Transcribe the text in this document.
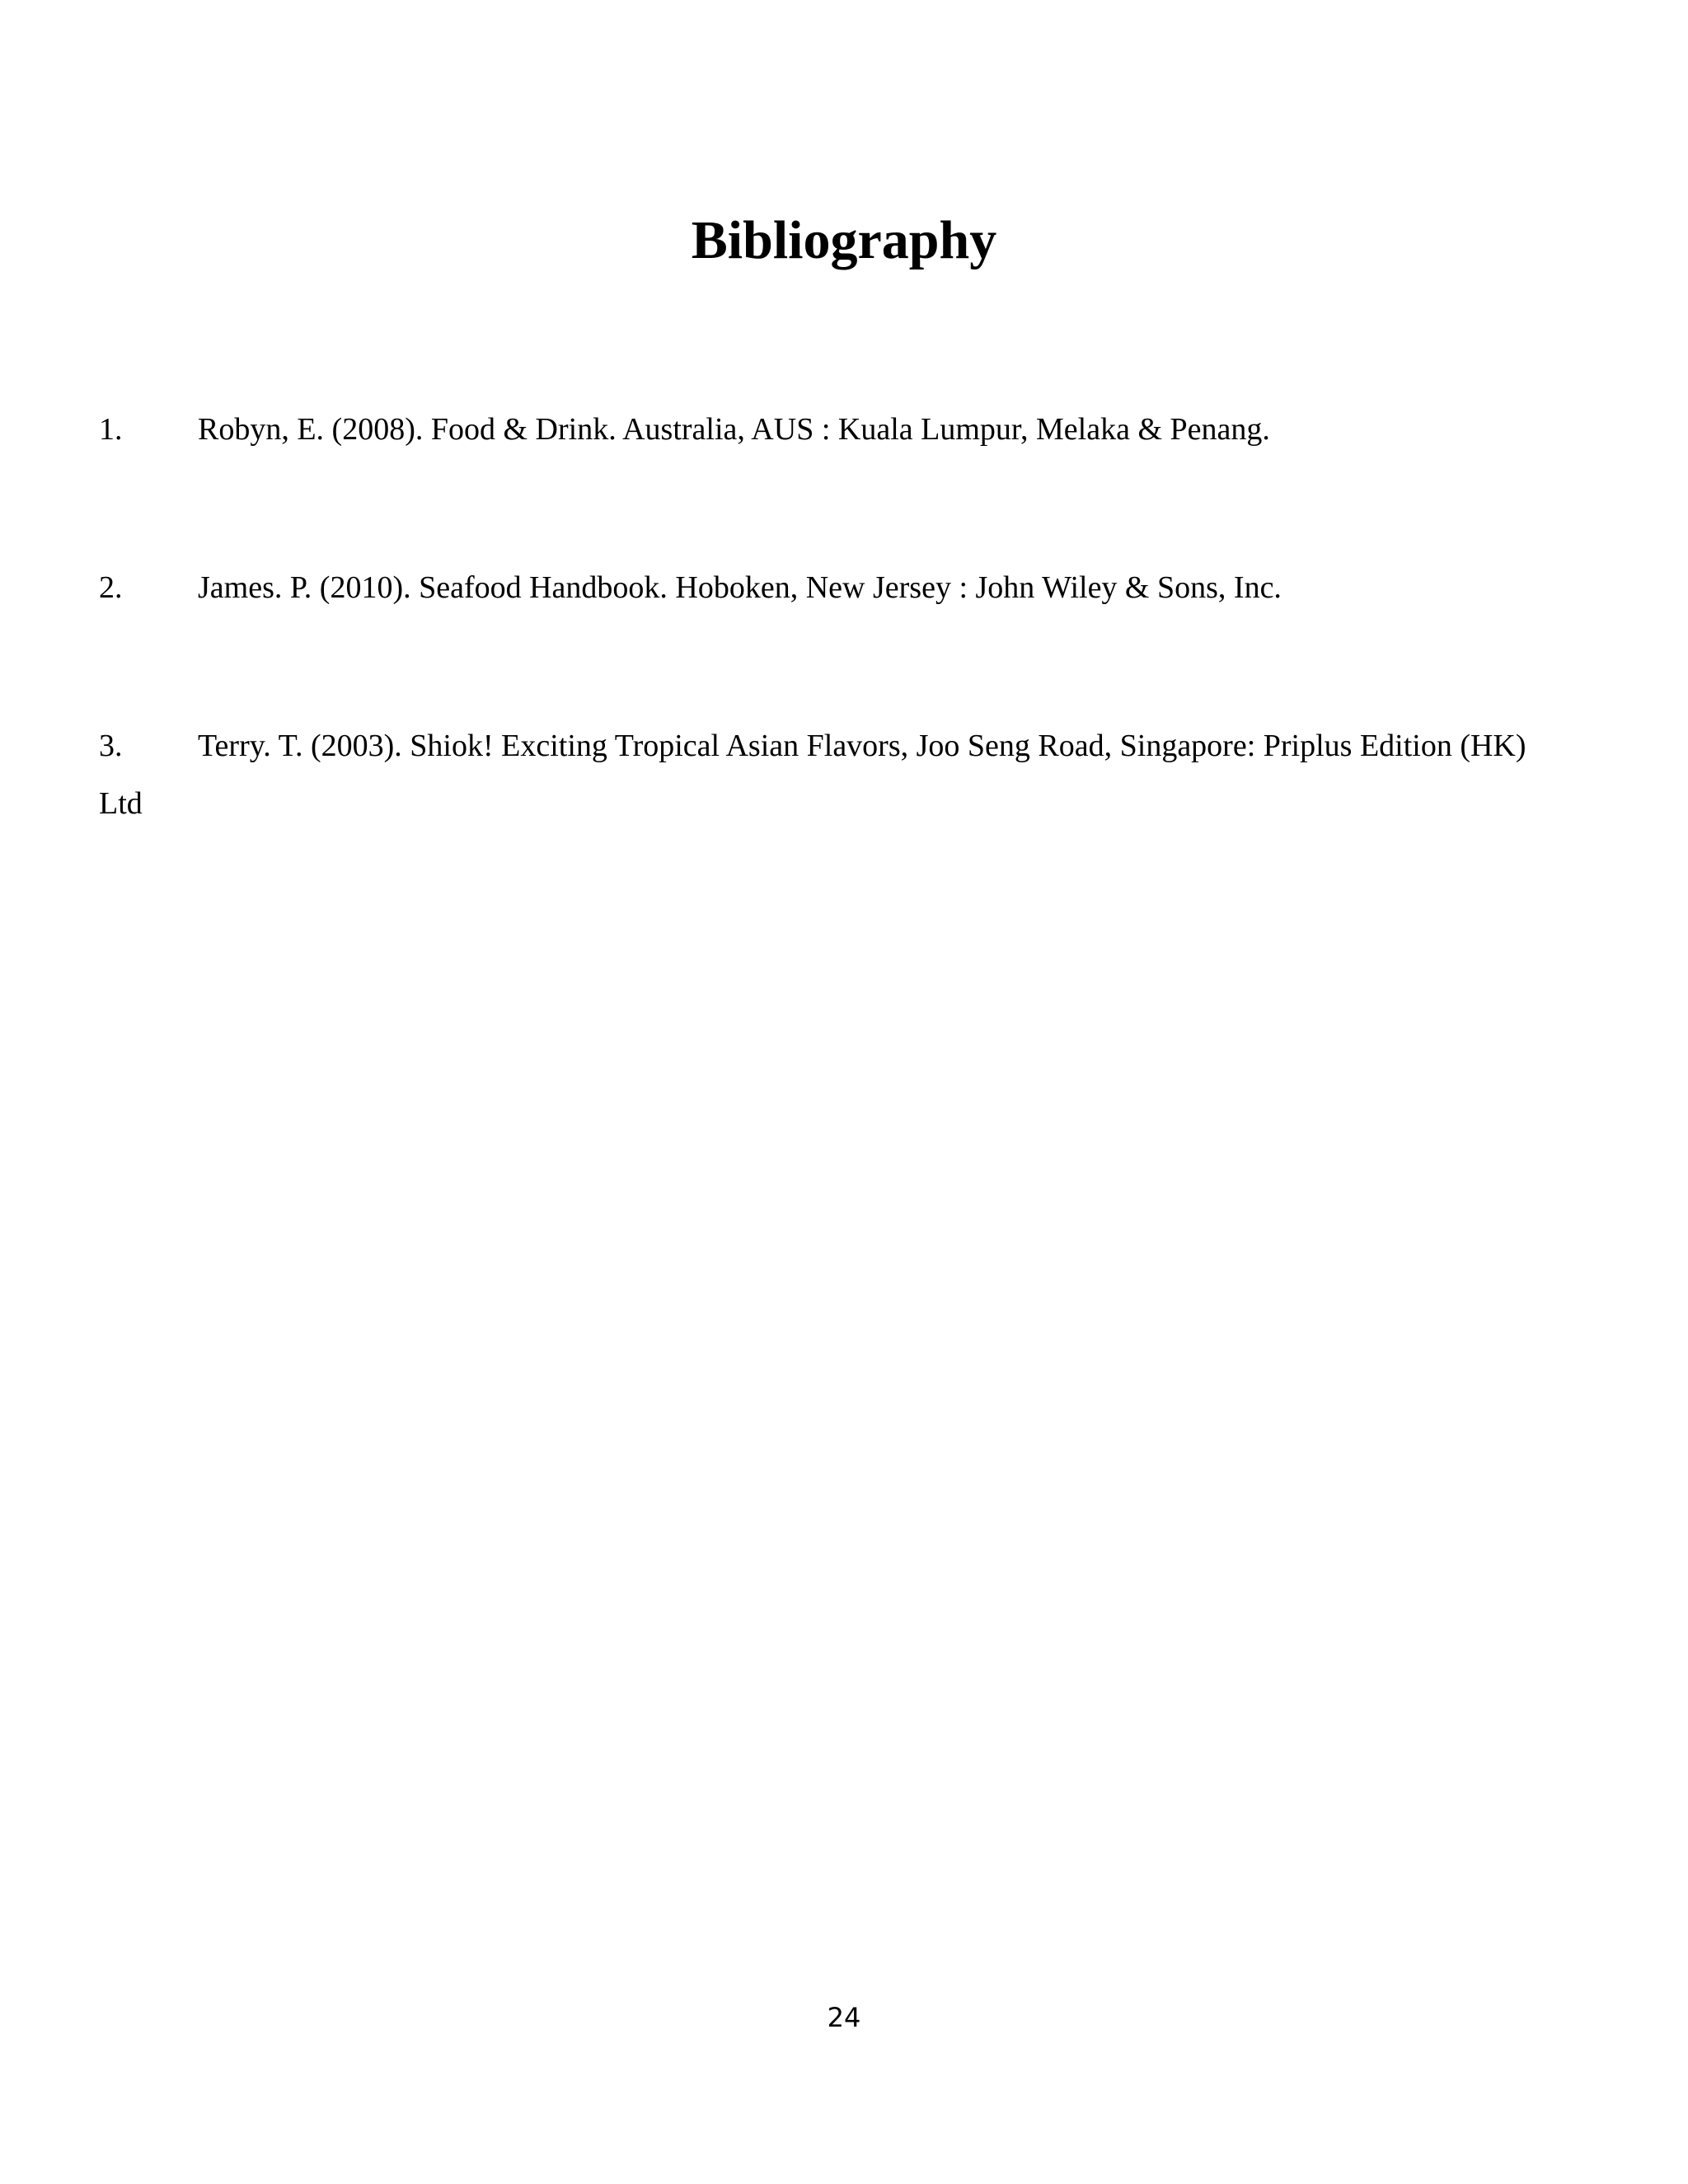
Bibliography

1. Robyn, E. (2008). Food & Drink. Australia, AUS : Kuala Lumpur, Melaka & Penang.

2. James. P. (2010). Seafood Handbook. Hoboken, New Jersey : John Wiley & Sons, Inc.

3. Terry. T. (2003). Shiok! Exciting Tropical Asian Flavors, Joo Seng Road, Singapore: Priplus Edition (HK) Ltd

24
